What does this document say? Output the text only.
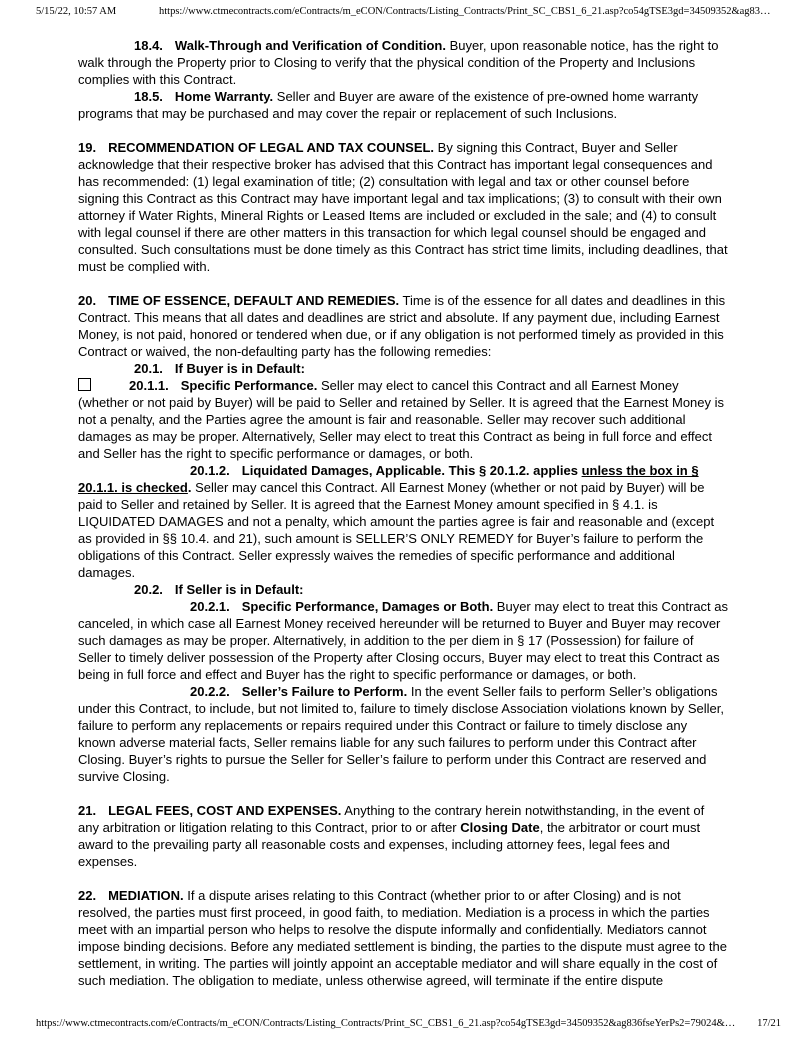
5/15/22, 10:57 AM	https://www.ctmecontracts.com/eContracts/m_eCON/Contracts/Listing_Contracts/Print_SC_CBS1_6_21.asp?co54gTSE3gd=34509352&ag83…

18.4. Walk-Through and Verification of Condition. Buyer, upon reasonable notice, has the right to walk through the Property prior to Closing to verify that the physical condition of the Property and Inclusions complies with this Contract.

18.5. Home Warranty. Seller and Buyer are aware of the existence of pre-owned home warranty programs that may be purchased and may cover the repair or replacement of such Inclusions.

19. RECOMMENDATION OF LEGAL AND TAX COUNSEL. By signing this Contract, Buyer and Seller acknowledge that their respective broker has advised that this Contract has important legal consequences and has recommended: (1) legal examination of title; (2) consultation with legal and tax or other counsel before signing this Contract as this Contract may have important legal and tax implications; (3) to consult with their own attorney if Water Rights, Mineral Rights or Leased Items are included or excluded in the sale; and (4) to consult with legal counsel if there are other matters in this transaction for which legal counsel should be engaged and consulted. Such consultations must be done timely as this Contract has strict time limits, including deadlines, that must be complied with.

20. TIME OF ESSENCE, DEFAULT AND REMEDIES. Time is of the essence for all dates and deadlines in this Contract. This means that all dates and deadlines are strict and absolute. If any payment due, including Earnest Money, is not paid, honored or tendered when due, or if any obligation is not performed timely as provided in this Contract or waived, the non-defaulting party has the following remedies:

20.1. If Buyer is in Default:

20.1.1. Specific Performance. Seller may elect to cancel this Contract and all Earnest Money (whether or not paid by Buyer) will be paid to Seller and retained by Seller. It is agreed that the Earnest Money is not a penalty, and the Parties agree the amount is fair and reasonable. Seller may recover such additional damages as may be proper. Alternatively, Seller may elect to treat this Contract as being in full force and effect and Seller has the right to specific performance or damages, or both.

20.1.2. Liquidated Damages, Applicable. This § 20.1.2. applies unless the box in § 20.1.1. is checked. Seller may cancel this Contract. All Earnest Money (whether or not paid by Buyer) will be paid to Seller and retained by Seller. It is agreed that the Earnest Money amount specified in § 4.1. is LIQUIDATED DAMAGES and not a penalty, which amount the parties agree is fair and reasonable and (except as provided in §§ 10.4. and 21), such amount is SELLER’S ONLY REMEDY for Buyer’s failure to perform the obligations of this Contract. Seller expressly waives the remedies of specific performance and additional damages.

20.2. If Seller is in Default:

20.2.1. Specific Performance, Damages or Both. Buyer may elect to treat this Contract as canceled, in which case all Earnest Money received hereunder will be returned to Buyer and Buyer may recover such damages as may be proper. Alternatively, in addition to the per diem in § 17 (Possession) for failure of Seller to timely deliver possession of the Property after Closing occurs, Buyer may elect to treat this Contract as being in full force and effect and Buyer has the right to specific performance or damages, or both.

20.2.2. Seller’s Failure to Perform. In the event Seller fails to perform Seller’s obligations under this Contract, to include, but not limited to, failure to timely disclose Association violations known by Seller, failure to perform any replacements or repairs required under this Contract or failure to timely disclose any known adverse material facts, Seller remains liable for any such failures to perform under this Contract after Closing. Buyer’s rights to pursue the Seller for Seller’s failure to perform under this Contract are reserved and survive Closing.

21. LEGAL FEES, COST AND EXPENSES. Anything to the contrary herein notwithstanding, in the event of any arbitration or litigation relating to this Contract, prior to or after Closing Date, the arbitrator or court must award to the prevailing party all reasonable costs and expenses, including attorney fees, legal fees and expenses.

22. MEDIATION. If a dispute arises relating to this Contract (whether prior to or after Closing) and is not resolved, the parties must first proceed, in good faith, to mediation. Mediation is a process in which the parties meet with an impartial person who helps to resolve the dispute informally and confidentially. Mediators cannot impose binding decisions. Before any mediated settlement is binding, the parties to the dispute must agree to the settlement, in writing. The parties will jointly appoint an acceptable mediator and will share equally in the cost of such mediation. The obligation to mediate, unless otherwise agreed, will terminate if the entire dispute

https://www.ctmecontracts.com/eContracts/m_eCON/Contracts/Listing_Contracts/Print_SC_CBS1_6_21.asp?co54gTSE3gd=34509352&ag836fseYerPs2=79024&… 17/21
